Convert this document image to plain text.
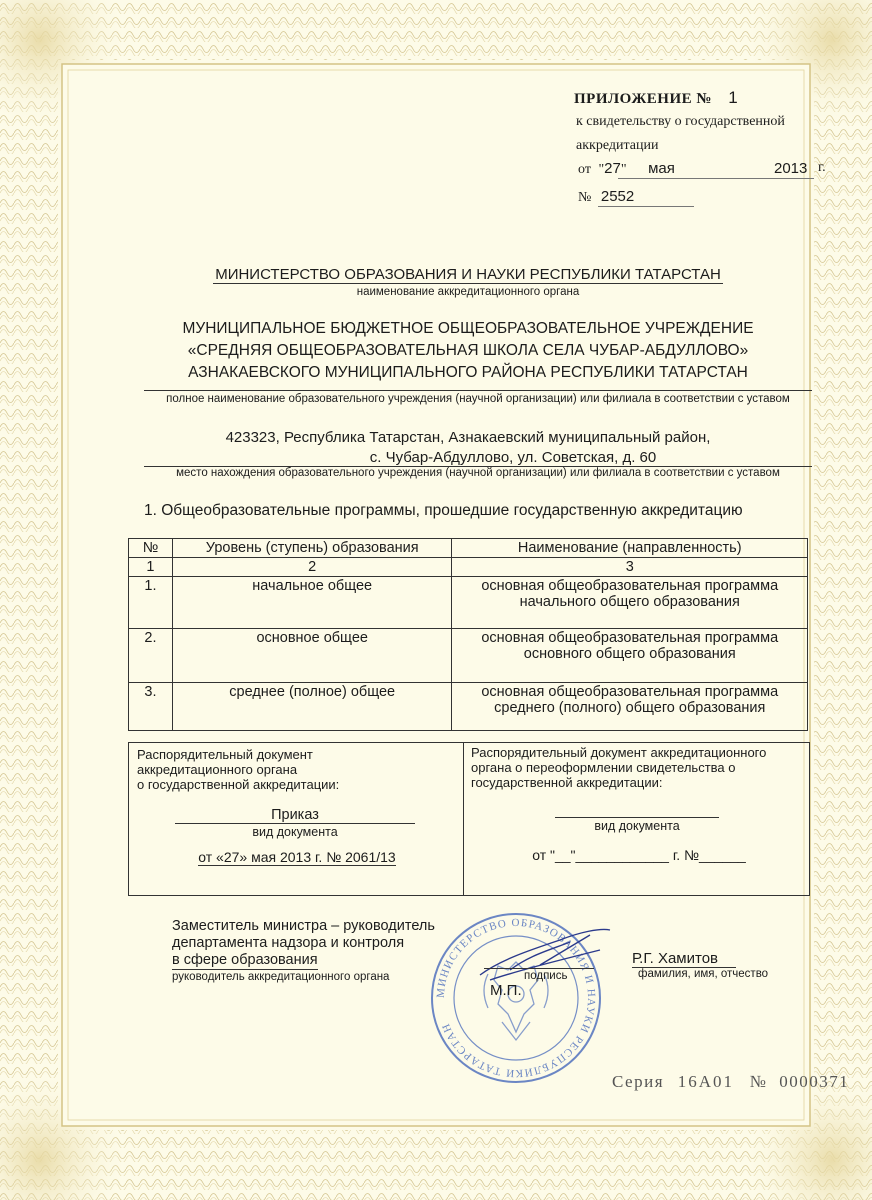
ПРИЛОЖЕНИЕ № 1
к свидетельству о государственной
аккредитации
от "27" мая	2013 г.
№ 2552
МИНИСТЕРСТВО ОБРАЗОВАНИЯ И НАУКИ РЕСПУБЛИКИ ТАТАРСТАН
наименование аккредитационного органа
МУНИЦИПАЛЬНОЕ БЮДЖЕТНОЕ ОБЩЕОБРАЗОВАТЕЛЬНОЕ УЧРЕЖДЕНИЕ
«СРЕДНЯЯ ОБЩЕОБРАЗОВАТЕЛЬНАЯ ШКОЛА СЕЛА ЧУБАР-АБДУЛЛОВО»
АЗНАКАЕВСКОГО МУНИЦИПАЛЬНОГО РАЙОНА РЕСПУБЛИКИ ТАТАРСТАН
полное наименование образовательного учреждения (научной организации) или филиала в соответствии с уставом
423323, Республика Татарстан, Азнакаевский муниципальный район,
с. Чубар-Абдуллово, ул. Советская, д. 60
место нахождения образовательного учреждения (научной организации) или филиала в соответствии с уставом
1. Общеобразовательные программы, прошедшие государственную аккредитацию
№	Уровень (ступень) образования	Наименование (направленность)
1	2	3
1.	начальное общее	основная общеобразовательная программа
начального общего образования

2.	основное общее	основная общеобразовательная программа
основного общего образования

3.	среднее (полное) общее	основная общеобразовательная программа
среднего (полного) общего образования
Распорядительный документ
аккредитационного органа
о государственной аккредитации:
Приказ
вид документа
от «27» мая 2013 г. № 2061/13
Распорядительный документ аккредитационного
органа о переоформлении свидетельства о
государственной аккредитации:
вид документа
от "__"____________ г. №______
МИНИСТЕРСТВО ОБРАЗОВАНИЯ И НАУКИ РЕСПУБЛИКИ ТАТАРСТАН
Заместитель министра – руководитель
департамента надзора и контроля
в сфере образования
руководитель аккредитационного органа	подпись
М.П.
Р.Г. Хамитов
фамилия, имя, отчество
Серия 16А01 № 0000371
